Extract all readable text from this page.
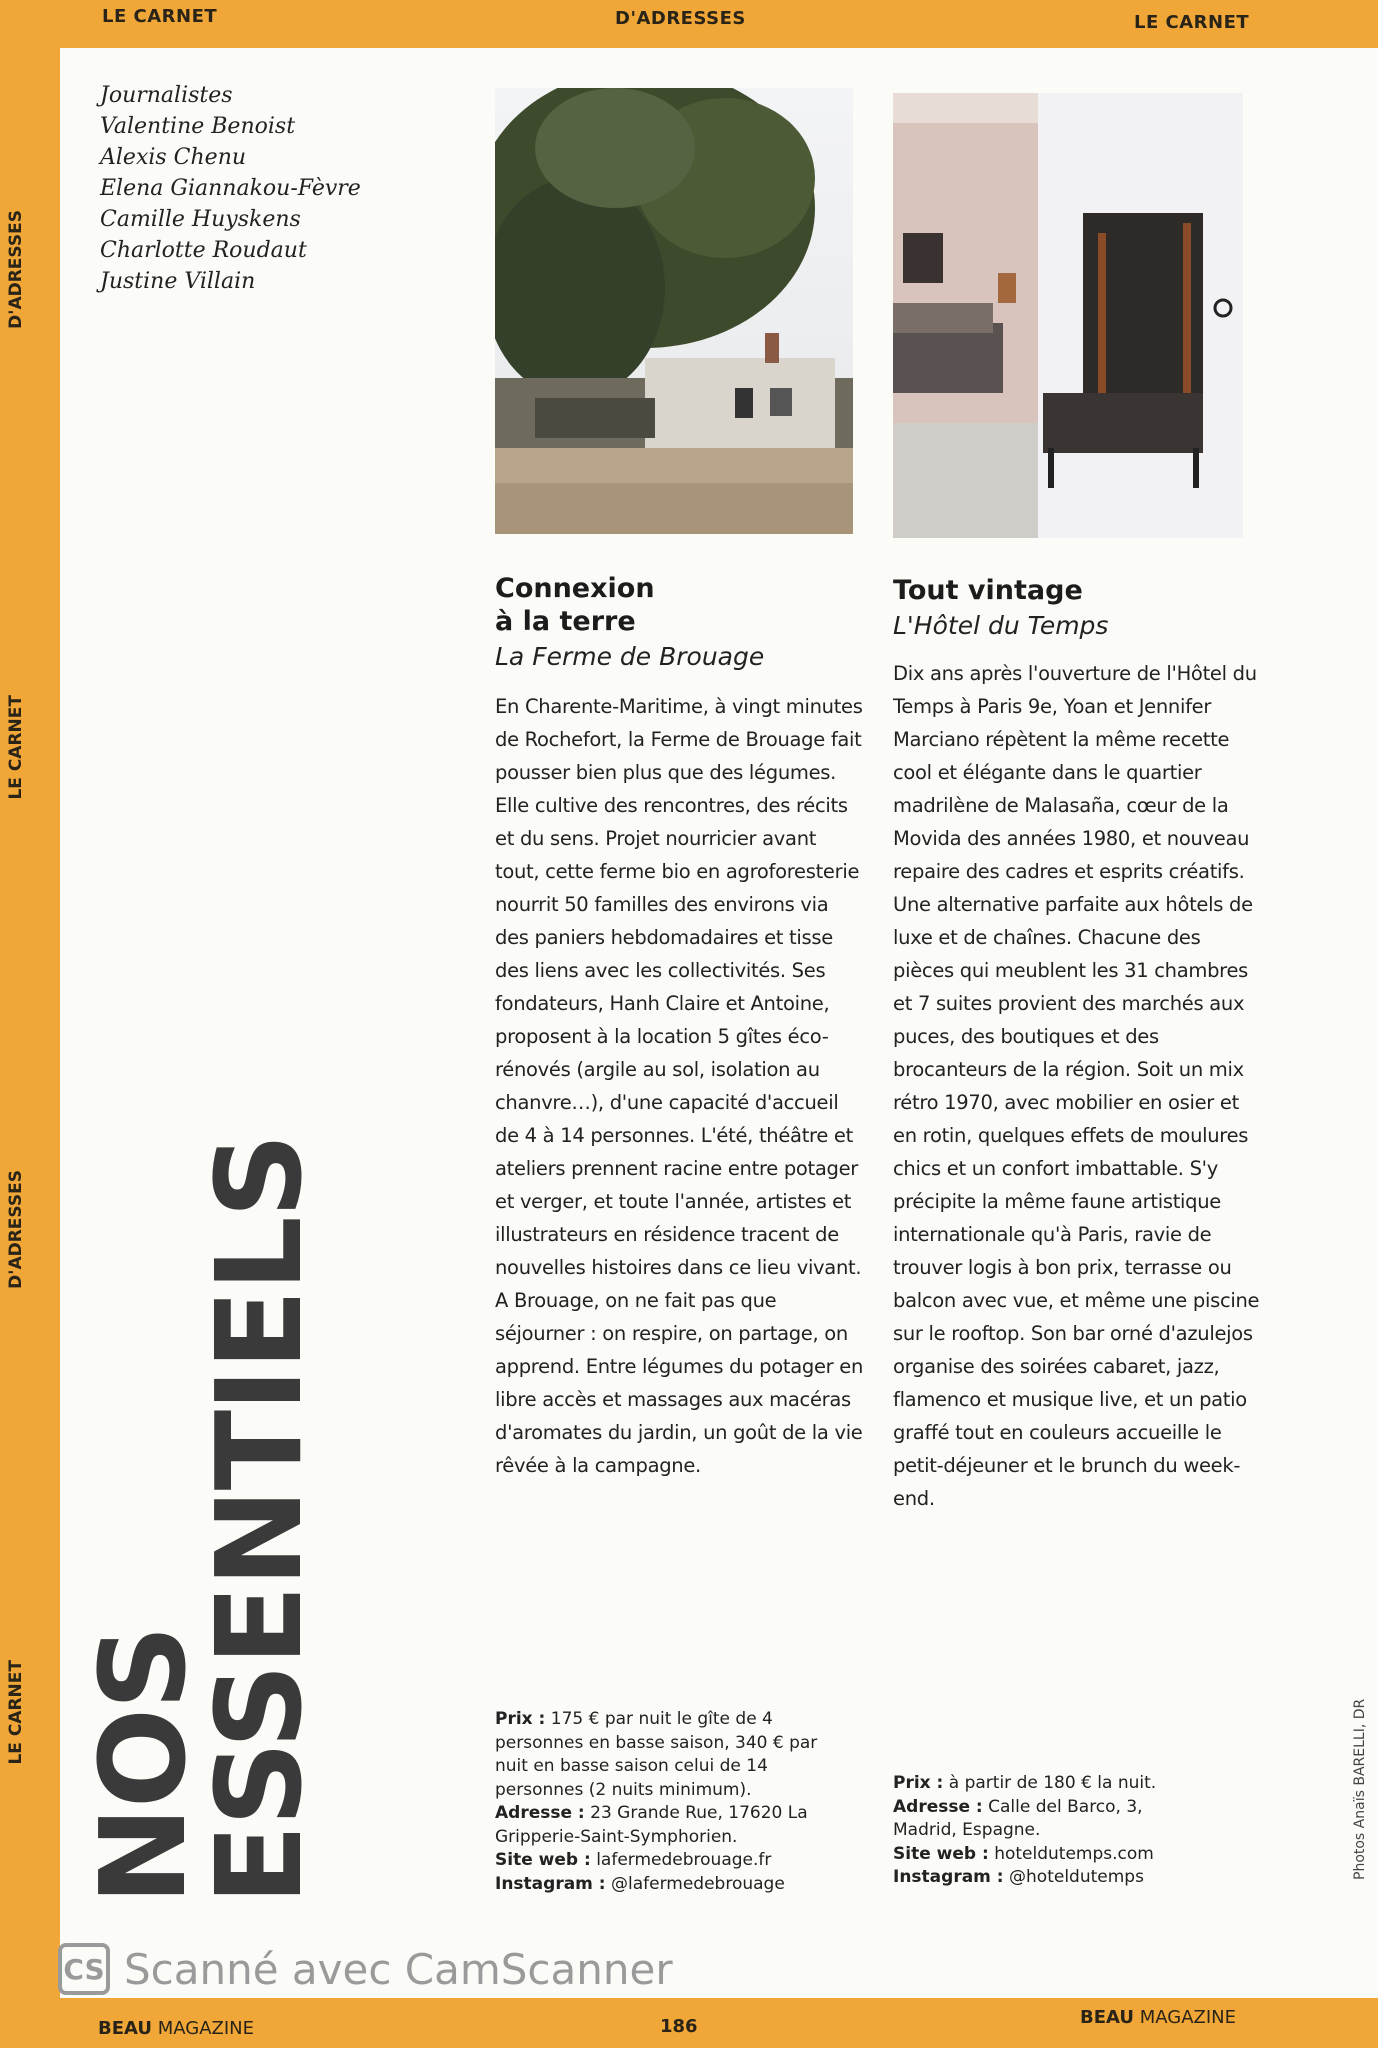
LE CARNET	D'ADRESSES	LE CARNET
D'ADRESSES
LE CARNET
D'ADRESSES
LE CARNET
Journalistes
Valentine Benoist
Alexis Chenu
Elena Giannakou-Fèvre
Camille Huyskens
Charlotte Roudaut
Justine Villain
NOS
ESSENTIELS
Connexion
à la terre
La Ferme de Brouage

En Charente-Maritime, à vingt minutes de Rochefort, la Ferme de Brouage fait pousser bien plus que des légumes. Elle cultive des rencontres, des récits et du sens. Projet nourricier avant tout, cette ferme bio en agroforesterie nourrit 50 familles des environs via des paniers hebdomadaires et tisse des liens avec les collectivités. Ses fondateurs, Hanh Claire et Antoine, proposent à la location 5 gîtes éco-rénovés (argile au sol, isolation au chanvre…), d'une capacité d'accueil de 4 à 14 personnes. L'été, théâtre et ateliers prennent racine entre potager et verger, et toute l'année, artistes et illustrateurs en résidence tracent de nouvelles histoires dans ce lieu vivant. A Brouage, on ne fait pas que séjourner : on respire, on partage, on apprend. Entre légumes du potager en libre accès et massages aux macéras d'aromates du jardin, un goût de la vie rêvée à la campagne.

Tout vintage
L'Hôtel du Temps

Dix ans après l'ouverture de l'Hôtel du Temps à Paris 9e, Yoan et Jennifer Marciano répètent la même recette cool et élégante dans le quartier madrilène de Malasaña, cœur de la Movida des années 1980, et nouveau repaire des cadres et esprits créatifs. Une alternative parfaite aux hôtels de luxe et de chaînes. Chacune des pièces qui meublent les 31 chambres et 7 suites provient des marchés aux puces, des boutiques et des brocanteurs de la région. Soit un mix rétro 1970, avec mobilier en osier et en rotin, quelques effets de moulures chics et un confort imbattable. S'y précipite la même faune artistique internationale qu'à Paris, ravie de trouver logis à bon prix, terrasse ou balcon avec vue, et même une piscine sur le rooftop. Son bar orné d'azulejos organise des soirées cabaret, jazz, flamenco et musique live, et un patio graffé tout en couleurs accueille le petit-déjeuner et le brunch du week-end.

Prix : 175 € par nuit le gîte de 4 personnes en basse saison, 340 € par nuit en basse saison celui de 14 personnes (2 nuits minimum).
Adresse : 23 Grande Rue, 17620 La Gripperie-Saint-Symphorien.
Site web : lafermedebrouage.fr
Instagram : @lafermedebrouage
Prix : à partir de 180 € la nuit.
Adresse : Calle del Barco, 3, Madrid, Espagne.
Site web : hoteldutemps.com
Instagram : @hoteldutemps	Photos Anaïs BARELLI, DR
CS Scanné avec CamScanner
BEAU MAGAZINE	186	BEAU MAGAZINE
